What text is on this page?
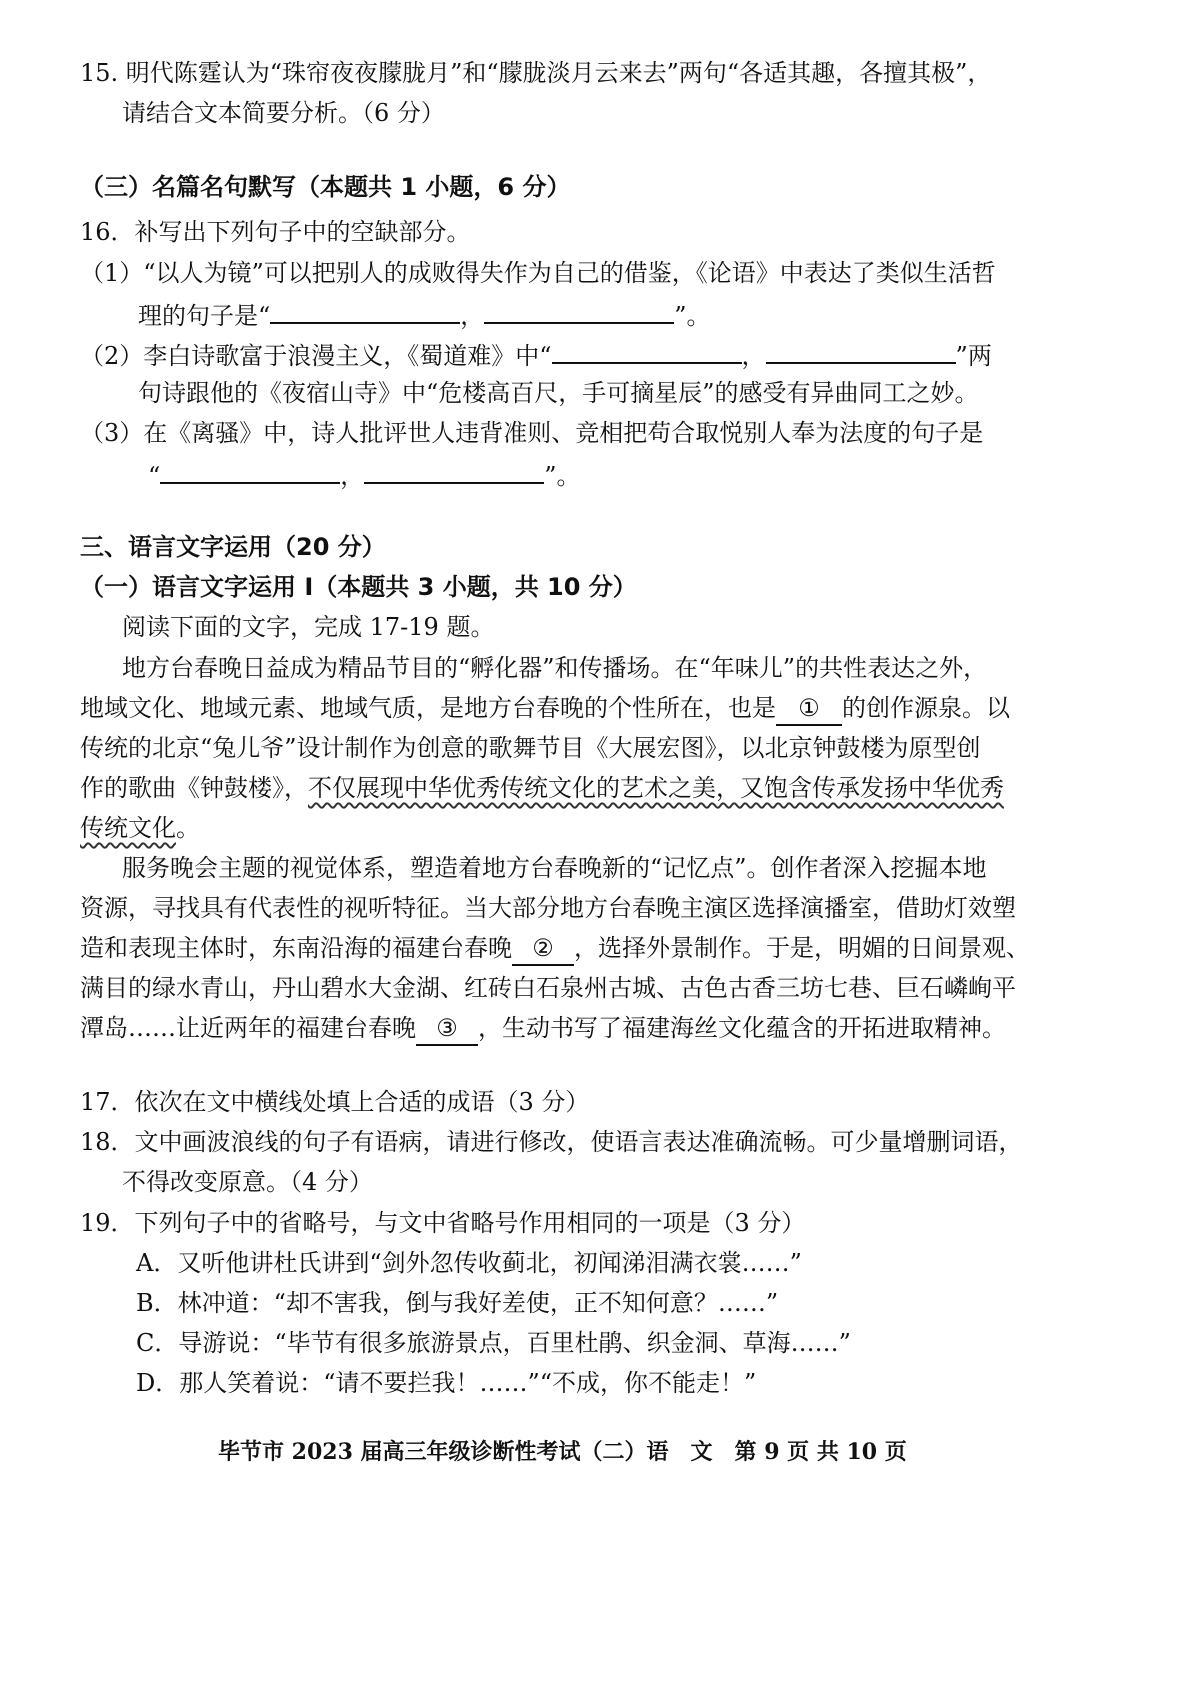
15. 明代陈霆认为“珠帘夜夜朦胧月”和“朦胧淡月云来去”两句“各适其趣，各擅其极”，
请结合文本简要分析。（6 分）
（三）名篇名句默写（本题共 1 小题，6 分）
16．补写出下列句子中的空缺部分。
（1）“以人为镜”可以把别人的成败得失作为自己的借鉴，《论语》中表达了类似生活哲
理的句子是“	，	”。
（2）李白诗歌富于浪漫主义，《蜀道难》中“	，	”两
句诗跟他的《夜宿山寺》中“危楼高百尺，手可摘星辰”的感受有异曲同工之妙。
（3）在《离骚》中，诗人批评世人违背准则、竞相把苟合取悦别人奉为法度的句子是
“	，	”。
三、语言文字运用（20 分）
（一）语言文字运用 I（本题共 3 小题，共 10 分）
阅读下面的文字，完成 17-19 题。
地方台春晚日益成为精品节目的“孵化器”和传播场。在“年味儿”的共性表达之外，
地域文化、地域元素、地域气质，是地方台春晚的个性所在，也是 ① 的创作源泉。以
传统的北京“兔儿爷”设计制作为创意的歌舞节目《大展宏图》，以北京钟鼓楼为原型创
作的歌曲《钟鼓楼》，不仅展现中华优秀传统文化的艺术之美，又饱含传承发扬中华优秀
传统文化。
服务晚会主题的视觉体系，塑造着地方台春晚新的“记忆点”。创作者深入挖掘本地
资源，寻找具有代表性的视听特征。当大部分地方台春晚主演区选择演播室，借助灯效塑
造和表现主体时，东南沿海的福建台春晚 ② ，选择外景制作。于是，明媚的日间景观、
满目的绿水青山，丹山碧水大金湖、红砖白石泉州古城、古色古香三坊七巷、巨石嶙峋平
潭岛……让近两年的福建台春晚 ③ ，生动书写了福建海丝文化蕴含的开拓进取精神。
17．依次在文中横线处填上合适的成语（3 分）
18．文中画波浪线的句子有语病，请进行修改，使语言表达准确流畅。可少量增删词语，
不得改变原意。（4 分）
19．下列句子中的省略号，与文中省略号作用相同的一项是（3 分）
A．又听他讲杜氏讲到“剑外忽传收蓟北，初闻涕泪满衣裳……”
B．林冲道：“却不害我，倒与我好差使，正不知何意？……”
C．导游说：“毕节有很多旅游景点，百里杜鹃、织金洞、草海……”
D．那人笑着说：“请不要拦我！……”“不成，你不能走！”
毕节市 2023 届高三年级诊断性考试（二）语　文　第 9 页 共 10 页
